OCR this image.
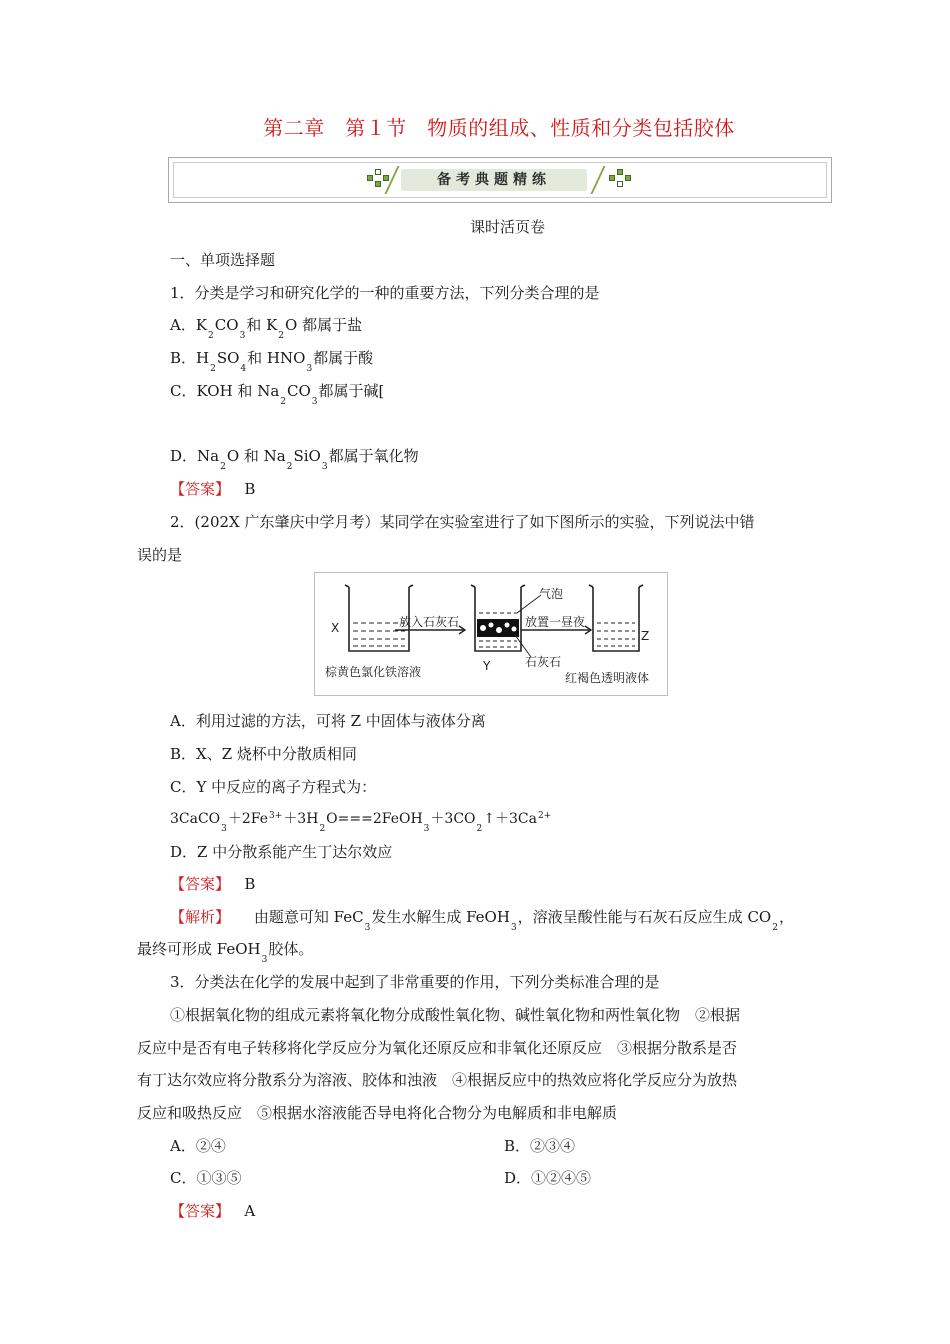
第二章　第１节　物质的组成、性质和分类包括胶体
备考典题精练
课时活页卷
一、单项选择题
1．分类是学习和研究化学的一种的重要方法，下列分类合理的是
A．$K_2CO_3$和 $K_2O$ 都属于盐
B．$H_2SO_4$和 $HNO_3$都属于酸
C．KOH 和 $Na_2CO_3$都属于碱[
D．$Na_2O$ 和 $Na_2SiO_3$都属于氧化物
【答案】 B
2．(202X 广东肇庆中学月考）某同学在实验室进行了如下图所示的实验，下列说法中错
误的是
X	放入石灰石
Y
气泡
放置一昼夜
石灰石
Z
棕黄色氯化铁溶液	红褐色透明液体
A．利用过滤的方法，可将 Z 中固体与液体分离
B．X、Z 烧杯中分散质相同
C．Y 中反应的离子方程式为：
$3CaCO_3+2Fe^{3+}+3H_2O===2FeOH_3+3CO_2↑+3Ca^{2+}$
D．Z 中分散系能产生丁达尔效应
【答案】 B
【解析】 由题意可知 FeC$_3$发生水解生成 FeOH$_3$，溶液呈酸性能与石灰石反应生成 $CO_2$，
最终可形成 FeOH$_3$胶体。
3．分类法在化学的发展中起到了非常重要的作用，下列分类标准合理的是
①根据氧化物的组成元素将氧化物分成酸性氧化物、碱性氧化物和两性氧化物　②根据
反应中是否有电子转移将化学反应分为氧化还原反应和非氧化还原反应　③根据分散系是否
有丁达尔效应将分散系分为溶液、胶体和浊液　④根据反应中的热效应将化学反应分为放热
反应和吸热反应　⑤根据水溶液能否导电将化合物分为电解质和非电解质
A．②④	B．②③④
C．①③⑤	D．①②④⑤
【答案】 A
